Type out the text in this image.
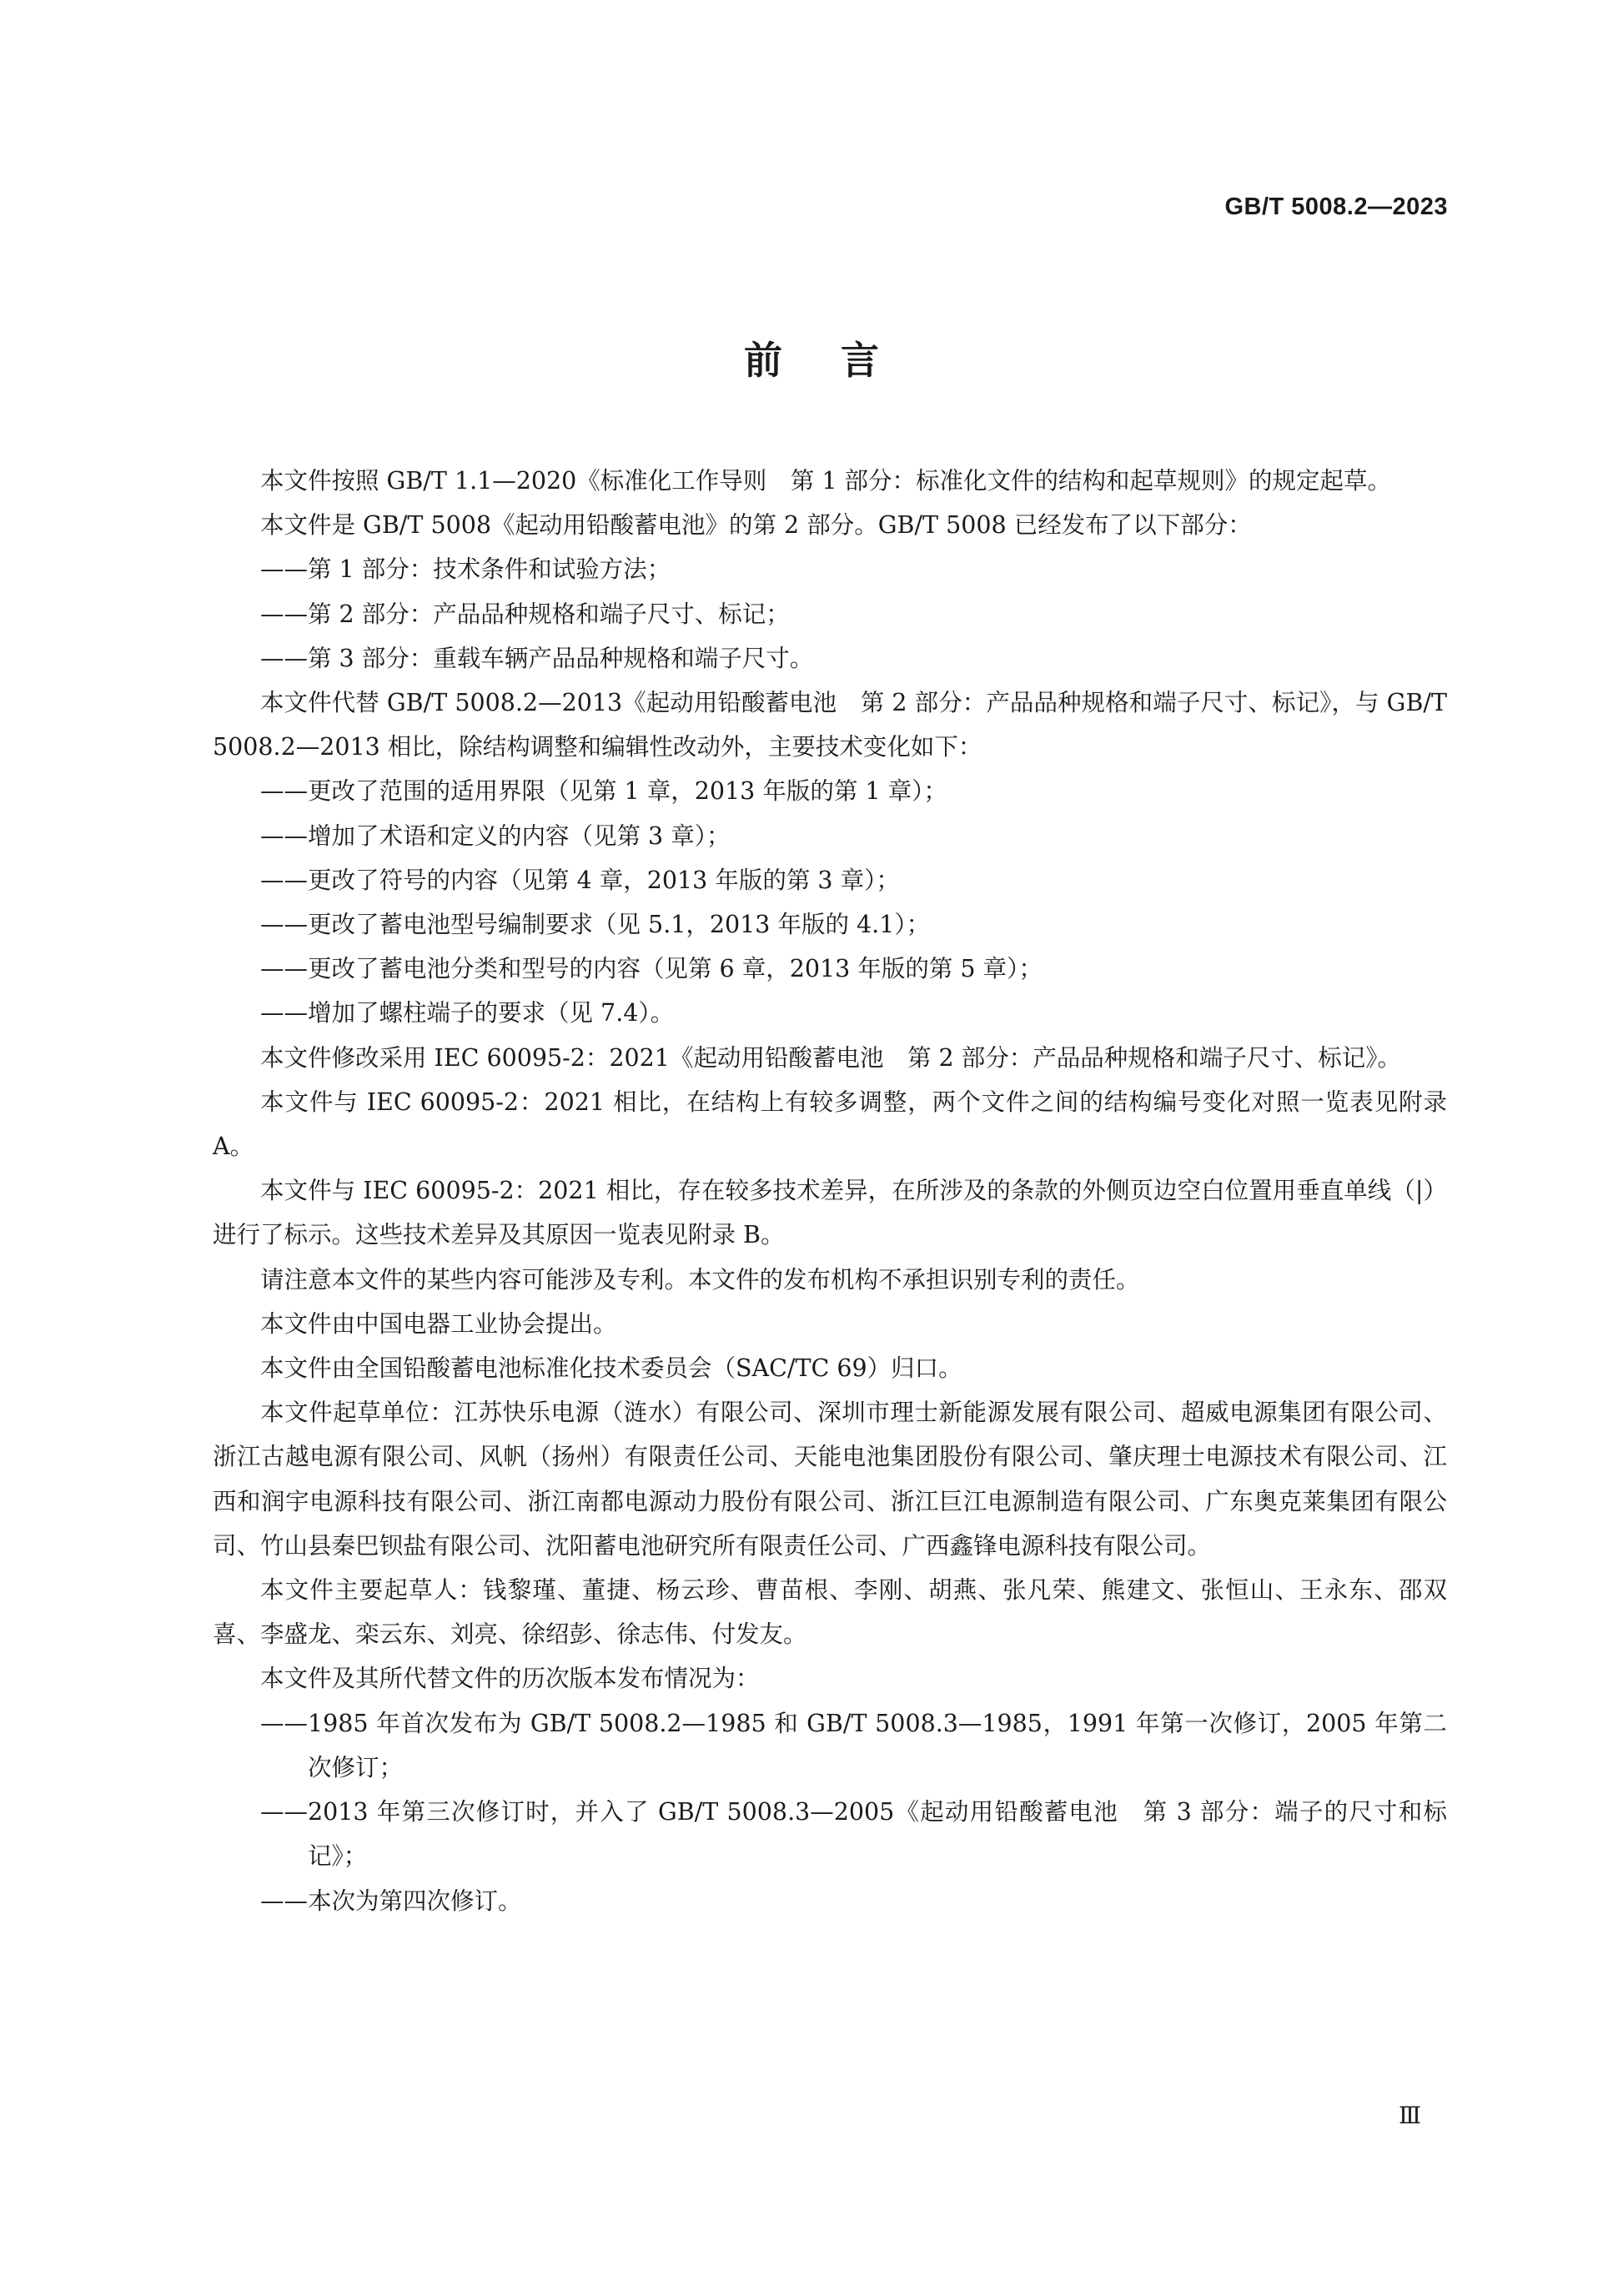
GB/T 5008.2—2023
前言

本文件按照 GB/T 1.1—2020《标准化工作导则　第 1 部分：标准化文件的结构和起草规则》的规定起草。

本文件是 GB/T 5008《起动用铅酸蓄电池》的第 2 部分。GB/T 5008 已经发布了以下部分：

——第 1 部分：技术条件和试验方法；

——第 2 部分：产品品种规格和端子尺寸、标记；

——第 3 部分：重载车辆产品品种规格和端子尺寸。

本文件代替 GB/T 5008.2—2013《起动用铅酸蓄电池　第 2 部分：产品品种规格和端子尺寸、标记》，与 GB/T 5008.2—2013 相比，除结构调整和编辑性改动外，主要技术变化如下：

——更改了范围的适用界限（见第 1 章，2013 年版的第 1 章）；

——增加了术语和定义的内容（见第 3 章）；

——更改了符号的内容（见第 4 章，2013 年版的第 3 章）；

——更改了蓄电池型号编制要求（见 5.1，2013 年版的 4.1）；

——更改了蓄电池分类和型号的内容（见第 6 章，2013 年版的第 5 章）；

——增加了螺柱端子的要求（见 7.4）。

本文件修改采用 IEC 60095-2：2021《起动用铅酸蓄电池　第 2 部分：产品品种规格和端子尺寸、标记》。

本文件与 IEC 60095-2：2021 相比，在结构上有较多调整，两个文件之间的结构编号变化对照一览表见附录 A。

本文件与 IEC 60095-2：2021 相比，存在较多技术差异，在所涉及的条款的外侧页边空白位置用垂直单线（|）进行了标示。这些技术差异及其原因一览表见附录 B。

请注意本文件的某些内容可能涉及专利。本文件的发布机构不承担识别专利的责任。

本文件由中国电器工业协会提出。

本文件由全国铅酸蓄电池标准化技术委员会（SAC/TC 69）归口。

本文件起草单位：江苏快乐电源（涟水）有限公司、深圳市理士新能源发展有限公司、超威电源集团有限公司、浙江古越电源有限公司、风帆（扬州）有限责任公司、天能电池集团股份有限公司、肇庆理士电源技术有限公司、江西和润宇电源科技有限公司、浙江南都电源动力股份有限公司、浙江巨江电源制造有限公司、广东奥克莱集团有限公司、竹山县秦巴钡盐有限公司、沈阳蓄电池研究所有限责任公司、广西鑫锋电源科技有限公司。

本文件主要起草人：钱黎瑾、董捷、杨云珍、曹苗根、李刚、胡燕、张凡荣、熊建文、张恒山、王永东、邵双喜、李盛龙、栾云东、刘亮、徐绍彭、徐志伟、付发友。

本文件及其所代替文件的历次版本发布情况为：

——1985 年首次发布为 GB/T 5008.2—1985 和 GB/T 5008.3—1985，1991 年第一次修订，2005 年第二次修订；

——2013 年第三次修订时，并入了 GB/T 5008.3—2005《起动用铅酸蓄电池　第 3 部分：端子的尺寸和标记》；

——本次为第四次修订。

Ⅲ
